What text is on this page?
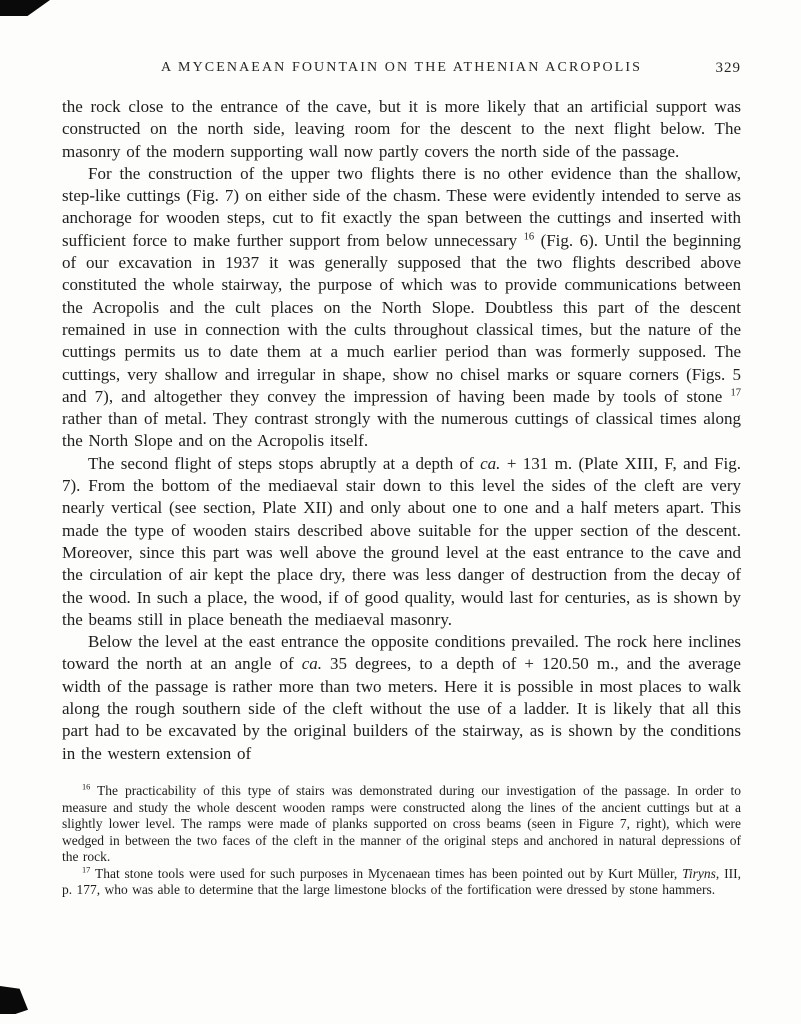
A MYCENAEAN FOUNTAIN ON THE ATHENIAN ACROPOLIS	329

the rock close to the entrance of the cave, but it is more likely that an artificial support was constructed on the north side, leaving room for the descent to the next flight below. The masonry of the modern supporting wall now partly covers the north side of the passage.

For the construction of the upper two flights there is no other evidence than the shallow, step-like cuttings (Fig. 7) on either side of the chasm. These were evidently intended to serve as anchorage for wooden steps, cut to fit exactly the span between the cuttings and inserted with sufficient force to make further support from below unnecessary $^{16}$ (Fig. 6). Until the beginning of our excavation in 1937 it was generally supposed that the two flights described above constituted the whole stairway, the purpose of which was to provide communications between the Acropolis and the cult places on the North Slope. Doubtless this part of the descent remained in use in connection with the cults throughout classical times, but the nature of the cuttings permits us to date them at a much earlier period than was formerly supposed. The cuttings, very shallow and irregular in shape, show no chisel marks or square corners (Figs. 5 and 7), and altogether they convey the impression of having been made by tools of stone $^{17}$ rather than of metal. They contrast strongly with the numerous cuttings of classical times along the North Slope and on the Acropolis itself.

The second flight of steps stops abruptly at a depth of ca. + 131 m. (Plate XIII, F, and Fig. 7). From the bottom of the mediaeval stair down to this level the sides of the cleft are very nearly vertical (see section, Plate XII) and only about one to one and a half meters apart. This made the type of wooden stairs described above suitable for the upper section of the descent. Moreover, since this part was well above the ground level at the east entrance to the cave and the circulation of air kept the place dry, there was less danger of destruction from the decay of the wood. In such a place, the wood, if of good quality, would last for centuries, as is shown by the beams still in place beneath the mediaeval masonry.

Below the level at the east entrance the opposite conditions prevailed. The rock here inclines toward the north at an angle of ca. 35 degrees, to a depth of + 120.50 m., and the average width of the passage is rather more than two meters. Here it is possible in most places to walk along the rough southern side of the cleft without the use of a ladder. It is likely that all this part had to be excavated by the original builders of the stairway, as is shown by the conditions in the western extension of

$^{16}$ The practicability of this type of stairs was demonstrated during our investigation of the passage. In order to measure and study the whole descent wooden ramps were constructed along the lines of the ancient cuttings but at a slightly lower level. The ramps were made of planks supported on cross beams (seen in Figure 7, right), which were wedged in between the two faces of the cleft in the manner of the original steps and anchored in natural depressions of the rock.

$^{17}$ That stone tools were used for such purposes in Mycenaean times has been pointed out by Kurt Müller, Tiryns, III, p. 177, who was able to determine that the large limestone blocks of the fortification were dressed by stone hammers.
